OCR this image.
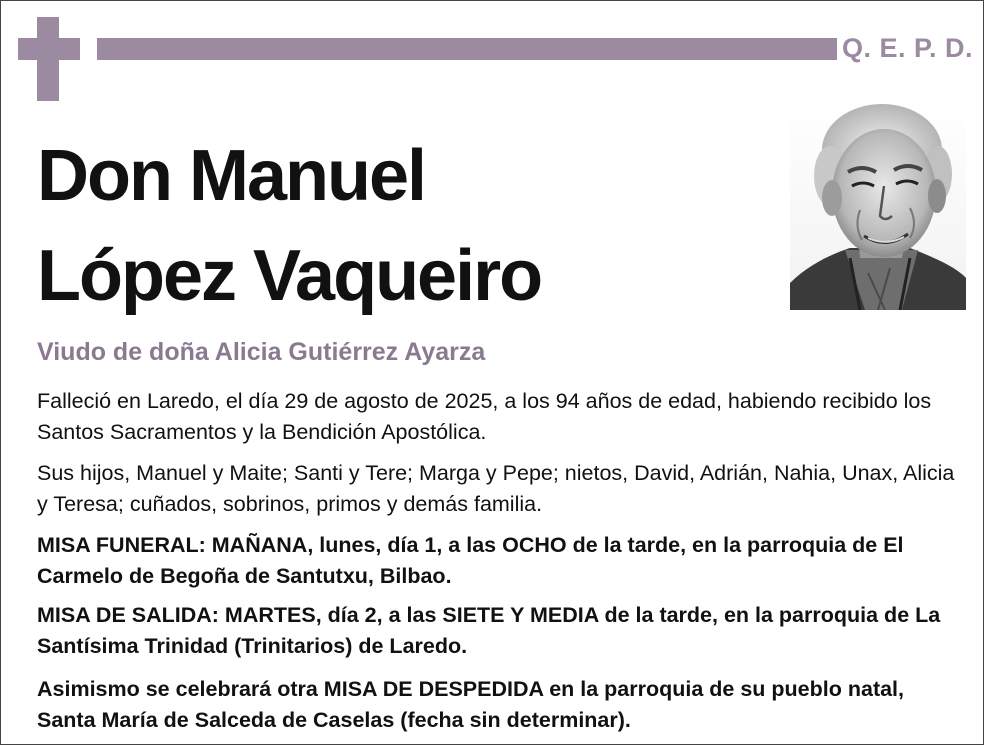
Q. E. P. D.
Don Manuel
López Vaqueiro
Viudo de doña Alicia Gutiérrez Ayarza
Falleció en Laredo, el día 29 de agosto de 2025, a los 94 años de edad, habiendo recibido los Santos Sacramentos y la Bendición Apostólica.
Sus hijos, Manuel y Maite; Santi y Tere; Marga y Pepe; nietos, David, Adrián, Nahia, Unax, Alicia y Teresa; cuñados, sobrinos, primos y demás familia.
MISA FUNERAL: MAÑANA, lunes, día 1, a las OCHO de la tarde, en la parroquia de El Carmelo de Begoña de Santutxu, Bilbao.
MISA DE SALIDA: MARTES, día 2, a las SIETE Y MEDIA de la tarde, en la parroquia de La Santísima Trinidad (Trinitarios) de Laredo.
Asimismo se celebrará otra MISA DE DESPEDIDA en la parroquia de su pueblo natal, Santa María de Salceda de Caselas (fecha sin determinar).
